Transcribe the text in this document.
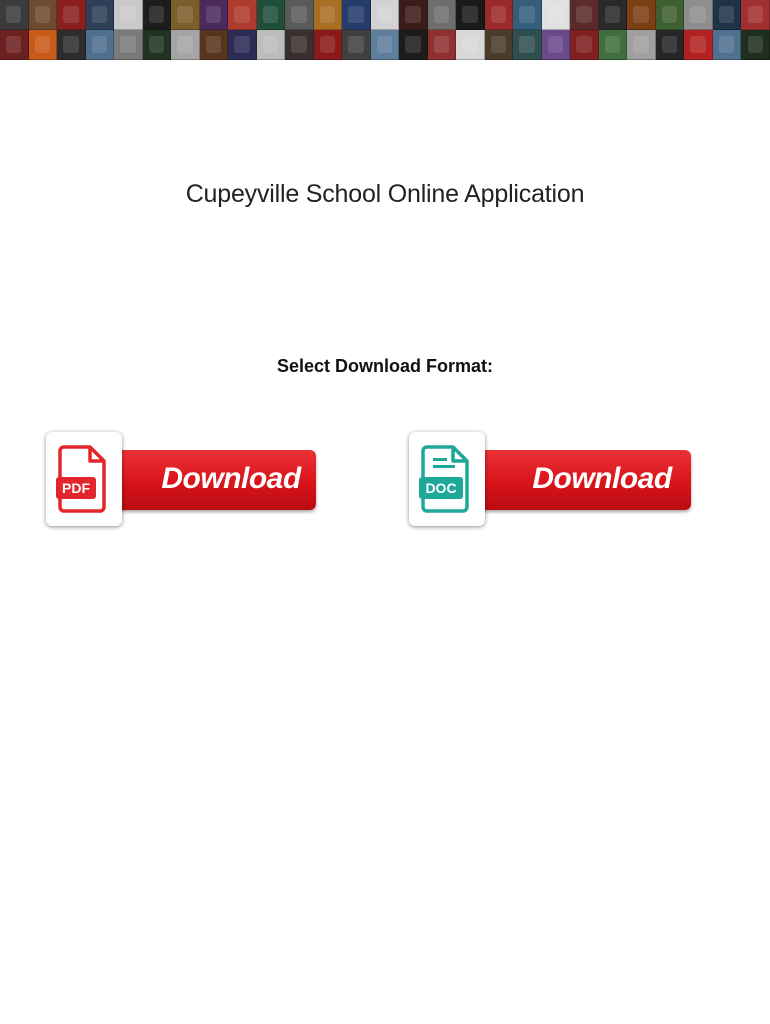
Cupeyville School Online Application
Select Download Format:
Download
PDF	Download
DOC
